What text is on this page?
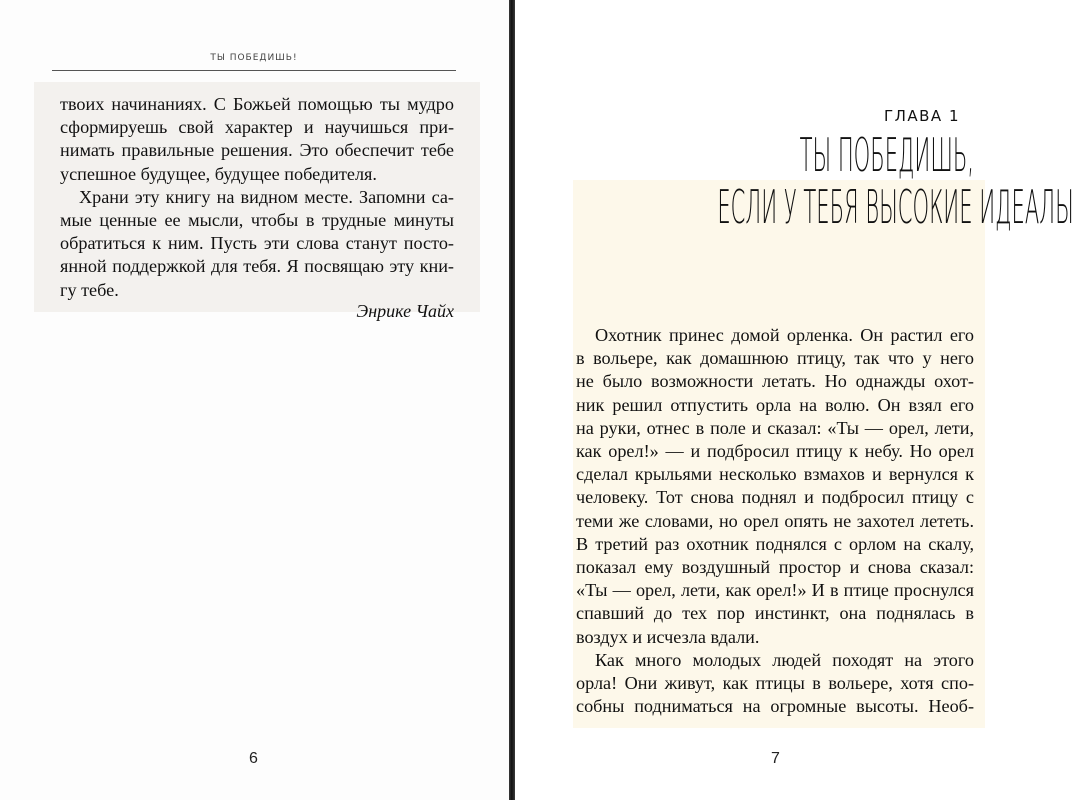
ТЫ ПОБЕДИШЬ!
твоих начинаниях. С Божьей помощью ты мудро
сформируешь свой характер и научишься при-
нимать правильные решения. Это обеспечит тебе
успешное будущее, будущее победителя.
Храни эту книгу на видном месте. Запомни са-
мые ценные ее мысли, чтобы в трудные минуты
обратиться к ним. Пусть эти слова станут посто-
янной поддержкой для тебя. Я посвящаю эту кни-
гу тебе.
Энрике Чайх
6
ГЛАВА 1
ТЫ ПОБЕДИШЬ,
ЕСЛИ У ТЕБЯ ВЫСОКИЕ ИДЕАЛЫ
Охотник принес домой орленка. Он растил его
в вольере, как домашнюю птицу, так что у него
не было возможности летать. Но однажды охот-
ник решил отпустить орла на волю. Он взял его
на руки, отнес в поле и сказал: «Ты — орел, лети,
как орел!» — и подбросил птицу к небу. Но орел
сделал крыльями несколько взмахов и вернулся к
человеку. Тот снова поднял и подбросил птицу с
теми же словами, но орел опять не захотел лететь.
В третий раз охотник поднялся с орлом на скалу,
показал ему воздушный простор и снова сказал:
«Ты — орел, лети, как орел!» И в птице проснулся
спавший до тех пор инстинкт, она поднялась в
воздух и исчезла вдали.
Как много молодых людей походят на этого
орла! Они живут, как птицы в вольере, хотя спо-
собны подниматься на огромные высоты. Необ-
7
